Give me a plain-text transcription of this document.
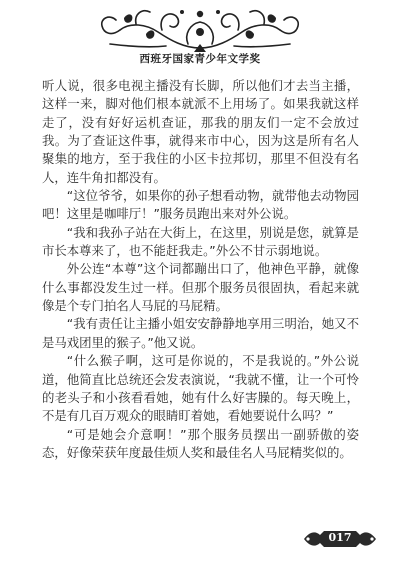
西班牙国家青少年文学奖

听人说，很多电视主播没有长脚，所以他们才去当主播，这样一来，脚对他们根本就派不上用场了。如果我就这样走了，没有好好运机查证，那我的朋友们一定不会放过我。为了查证这件事，就得来市中心，因为这是所有名人聚集的地方，至于我住的小区卡拉邦切，那里不但没有名人，连牛角扣都没有。

“这位爷爷，如果你的孙子想看动物，就带他去动物园吧！这里是咖啡厅！”服务员跑出来对外公说。

“我和我孙子站在大街上，在这里，别说是您，就算是市长本尊来了，也不能赶我走。”外公不甘示弱地说。

外公连“本尊”这个词都蹦出口了，他神色平静，就像什么事都没发生过一样。但那个服务员很固执，看起来就像是个专门拍名人马屁的马屁精。

“我有责任让主播小姐安安静静地享用三明治，她又不是马戏团里的猴子。”他又说。

“什么猴子啊，这可是你说的，不是我说的。”外公说道，他简直比总统还会发表演说，“我就不懂，让一个可怜的老头子和小孩看看她，她有什么好害臊的。每天晚上，不是有几百万观众的眼睛盯着她，看她要说什么吗？”

“可是她会介意啊！”那个服务员摆出一副骄傲的姿态，好像荣获年度最佳烦人奖和最佳名人马屁精奖似的。

017
